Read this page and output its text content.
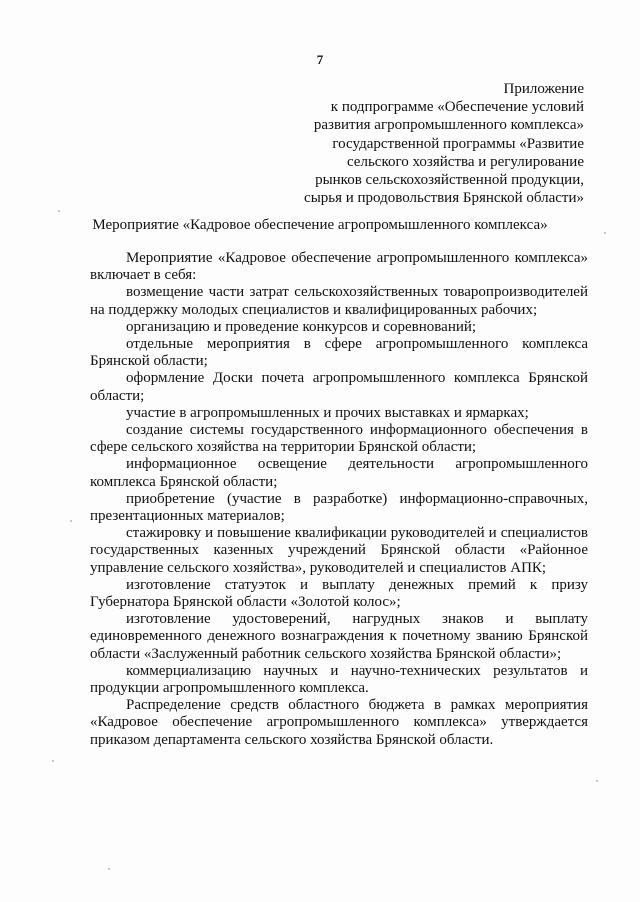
7
Приложение
к подпрограмме «Обеспечение условий
развития агропромышленного комплекса»
государственной программы «Развитие
сельского хозяйства и регулирование
рынков сельскохозяйственной продукции,
сырья и продовольствия Брянской области»
Мероприятие «Кадровое обеспечение агропромышленного комплекса»

Мероприятие «Кадровое обеспечение агропромышленного комплекса» включает в себя:

возмещение части затрат сельскохозяйственных товаропроизводителей на поддержку молодых специалистов и квалифицированных рабочих;

организацию и проведение конкурсов и соревнований;

отдельные мероприятия в сфере агропромышленного комплекса Брянской области;

оформление Доски почета агропромышленного комплекса Брянской области;

участие в агропромышленных и прочих выставках и ярмарках;

создание системы государственного информационного обеспечения в сфере сельского хозяйства на территории Брянской области;

информационное освещение деятельности агропромышленного комплекса Брянской области;

приобретение (участие в разработке) информационно-справочных, презентационных материалов;

стажировку и повышение квалификации руководителей и специалистов государственных казенных учреждений Брянской области «Районное управление сельского хозяйства», руководителей и специалистов АПК;

изготовление статуэток и выплату денежных премий к призу Губернатора Брянской области «Золотой колос»;

изготовление удостоверений, нагрудных знаков и выплату единовременного денежного вознаграждения к почетному званию Брянской области «Заслуженный работник сельского хозяйства Брянской области»;

коммерциализацию научных и научно-технических результатов и продукции агропромышленного комплекса.

Распределение средств областного бюджета в рамках мероприятия «Кадровое обеспечение агропромышленного комплекса» утверждается приказом департамента сельского хозяйства Брянской области.
